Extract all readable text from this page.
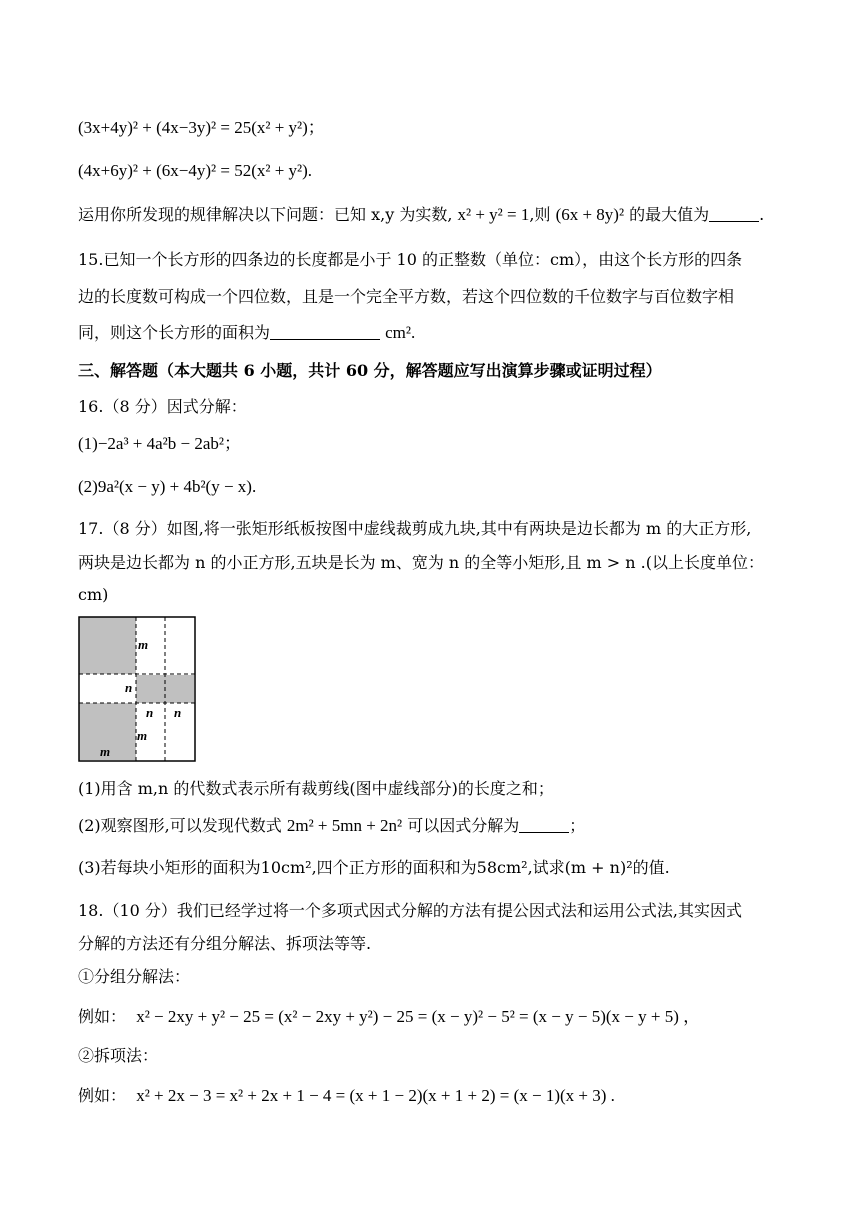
(3x+4y)² + (4x−3y)² = 25(x² + y²)；
(4x+6y)² + (6x−4y)² = 52(x² + y²).
运用你所发现的规律解决以下问题：已知 x,y 为实数, x² + y² = 1,则 (6x + 8y)² 的最大值为	.
15.已知一个长方形的四条边的长度都是小于 10 的正整数（单位：cm），由这个长方形的四条
边的长度数可构成一个四位数，且是一个完全平方数，若这个四位数的千位数字与百位数字相
同，则这个长方形的面积为	cm².
三、解答题（本大题共 6 小题，共计 60 分，解答题应写出演算步骤或证明过程）
16.（8 分）因式分解：
(1)−2a³ + 4a²b − 2ab²；
(2)9a²(x − y) + 4b²(y − x).
17.（8 分）如图,将一张矩形纸板按图中虚线裁剪成九块,其中有两块是边长都为 m 的大正方形,
两块是边长都为 n 的小正方形,五块是长为 m、宽为 n 的全等小矩形,且 m > n .(以上长度单位：
cm)
m
n
n n
m
m
(1)用含 m,n 的代数式表示所有裁剪线(图中虚线部分)的长度之和；
(2)观察图形,可以发现代数式 2m² + 5mn + 2n² 可以因式分解为	；
(3)若每块小矩形的面积为10cm²,四个正方形的面积和为58cm²,试求(m + n)²的值.
18.（10 分）我们已经学过将一个多项式因式分解的方法有提公因式法和运用公式法,其实因式
分解的方法还有分组分解法、拆项法等等.
①分组分解法：
例如： x² − 2xy + y² − 25 = (x² − 2xy + y²) − 25 = (x − y)² − 5² = (x − y − 5)(x − y + 5) ，
②拆项法：
例如： x² + 2x − 3 = x² + 2x + 1 − 4 = (x + 1 − 2)(x + 1 + 2) = (x − 1)(x + 3) .
